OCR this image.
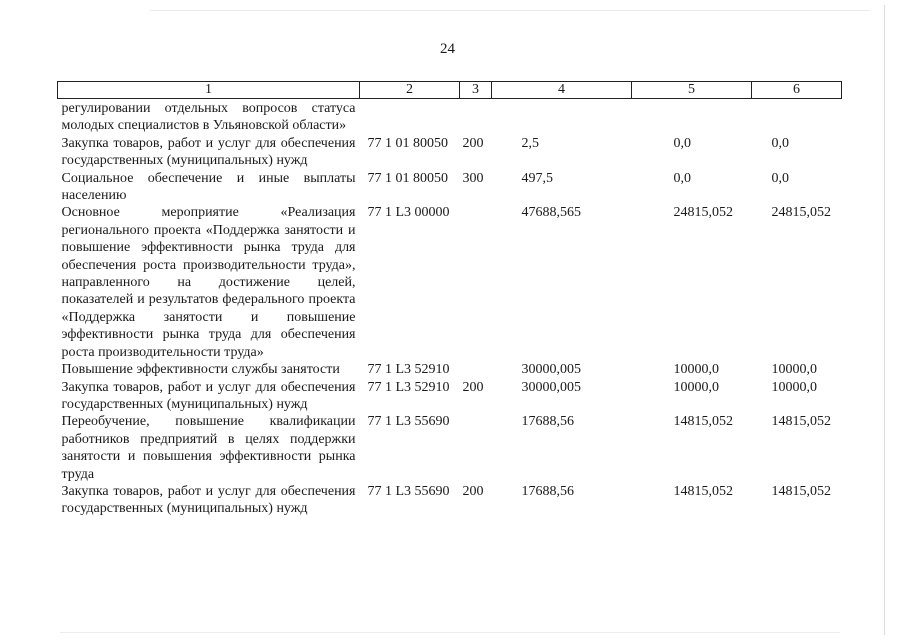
24
1	2	3	4	5	6
регулировании отдельных вопросов статуса молодых специалистов в Ульяновской области»					
Закупка товаров, работ и услуг для обеспечения государственных (муниципальных) нужд	77 1 01 80050	200	2,5	0,0	0,0
Социальное обеспечение и иные выплаты населению	77 1 01 80050	300	497,5	0,0	0,0
Основное мероприятие «Реализация регионального проекта «Поддержка занятости и повышение эффективности рынка труда для обеспечения роста производительности труда», направленного на достижение целей, показателей и результатов федерального проекта «Поддержка занятости и повышение эффективности рынка труда для обеспечения роста производительности труда»	77 1 L3 00000		47688,565	24815,052	24815,052
Повышение эффективности службы занятости	77 1 L3 52910		30000,005	10000,0	10000,0
Закупка товаров, работ и услуг для обеспечения государственных (муниципальных) нужд	77 1 L3 52910	200	30000,005	10000,0	10000,0
Переобучение, повышение квалификации работников предприятий в целях поддержки занятости и повышения эффективности рынка труда	77 1 L3 55690		17688,56	14815,052	14815,052
Закупка товаров, работ и услуг для обеспечения государственных (муниципальных) нужд	77 1 L3 55690	200	17688,56	14815,052	14815,052
